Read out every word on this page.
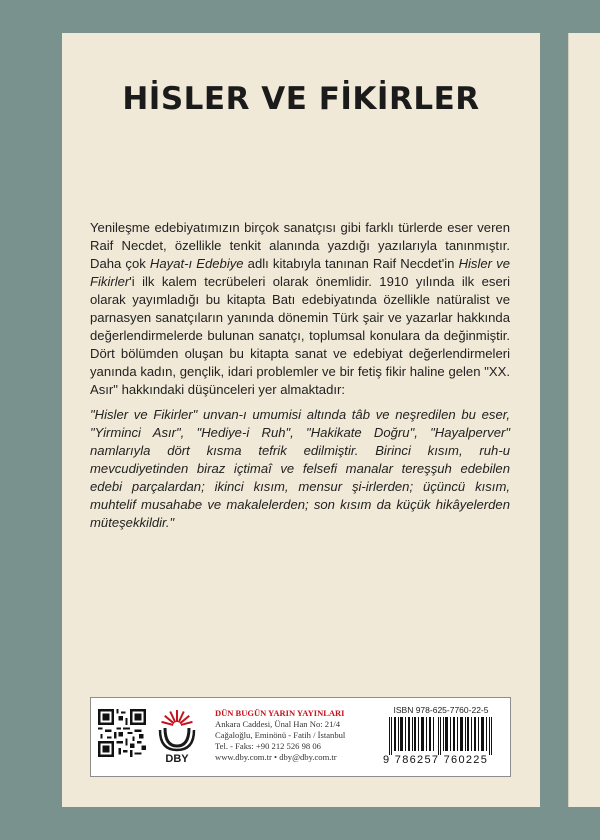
HİSLER VE FİKİRLER

Yenileşme edebiyatımızın birçok sanatçısı gibi farklı türlerde eser veren Raif Necdet, özellikle tenkit alanında yazdığı yazılarıyla tanınmıştır. Daha çok Hayat-ı Edebiye adlı kitabıyla tanınan Raif Necdet'in Hisler ve Fikirler'i ilk kalem tecrübeleri olarak önemlidir. 1910 yılında ilk eseri olarak yayımladığı bu kitapta Batı edebiyatında özellikle natüralist ve parnasyen sanatçıların yanında dönemin Türk şair ve yazarlar hakkında değerlendirmelerde bulunan sanatçı, toplumsal konulara da değinmiştir. Dört bölümden oluşan bu kitapta sanat ve edebiyat değerlendirmeleri yanında kadın, gençlik, idari problemler ve bir fetiş fikir haline gelen "XX. Asır" hakkındaki düşünceleri yer almaktadır:

"Hisler ve Fikirler" unvan-ı umumisi altında tâb ve neşredilen bu eser, "Yirminci Asır", "Hediye-i Ruh", "Hakikate Doğru", "Hayalperver" namlarıyla dört kısma tefrik edilmiştir. Birinci kısım, ruh-u mevcudiyetinden biraz içtimaî ve felsefi manalar tereşşuh edebilen edebi parçalardan; ikinci kısım, mensur şi-irlerden; üçüncü kısım, muhtelif musahabe ve makalelerden; son kısım da küçük hikâyelerden müteşekkildir."

DBY
DÜN BUGÜN YARIN YAYINLARI
Ankara Caddesi, Ünal Han No: 21/4
Cağaloğlu, Eminönü - Fatih / İstanbul
Tel. - Faks: +90 212 526 98 06
www.dby.com.tr • dby@dby.com.tr
ISBN 978-625-7760-22-5
9 786257 760225
